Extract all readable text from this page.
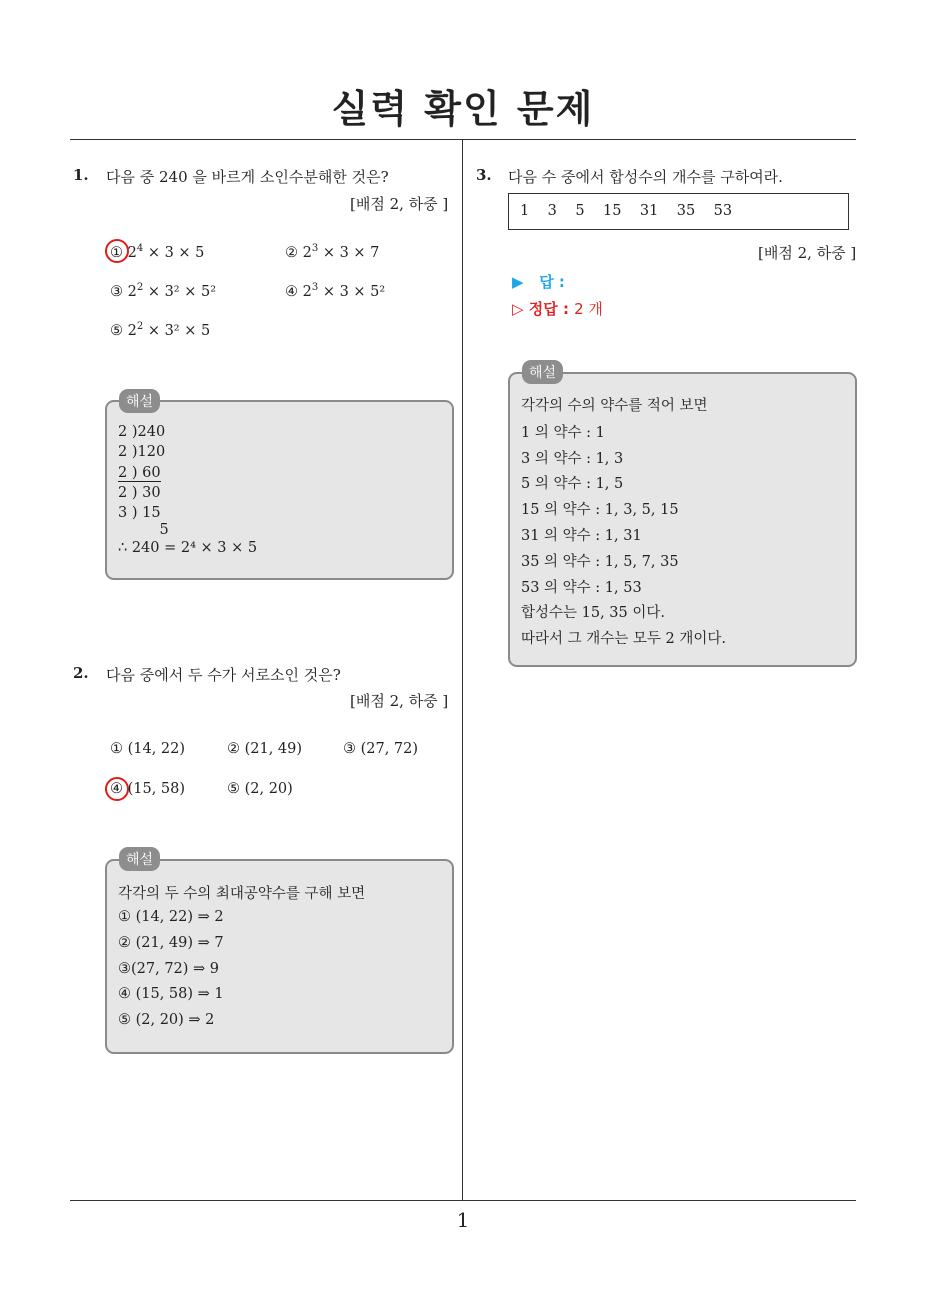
실력 확인 문제
1. 다음 중 240 을 바르게 소인수분해한 것은?
[배점 2, 하중 ]
① $2^4 \times 3 \times 5$	② $2^3 \times 3 \times 7$
③ $2^2 \times 3^2 \times 5^2$	④ $2^3 \times 3 \times 5^2$
⑤ $2^2 \times 3^2 \times 5$
해설
2 )240
2 )120
2 ) 60
2 ) 30
3 ) 15
5
∴ 240 = 2⁴ × 3 × 5
2. 다음 중에서 두 수가 서로소인 것은?
[배점 2, 하중 ]
① (14, 22)	② (21, 49)	③ (27, 72)
④ (15, 58)	⑤ (2, 20)
해설
각각의 두 수의 최대공약수를 구해 보면
① (14, 22) ⇒ 2
② (21, 49) ⇒ 7
③(27, 72) ⇒ 9
④ (15, 58) ⇒ 1
⑤ (2, 20) ⇒ 2
3. 다음 수 중에서 합성수의 개수를 구하여라.
1    3    5    15    31    35    53
[배점 2, 하중 ]
▶   답 :
▷ 정답 : 2 개
해설
각각의 수의 약수를 적어 보면
1 의 약수 : 1
3 의 약수 : 1, 3
5 의 약수 : 1, 5
15 의 약수 : 1, 3, 5, 15
31 의 약수 : 1, 31
35 의 약수 : 1, 5, 7, 35
53 의 약수 : 1, 53
합성수는 15, 35 이다.
따라서 그 개수는 모두 2 개이다.
1
